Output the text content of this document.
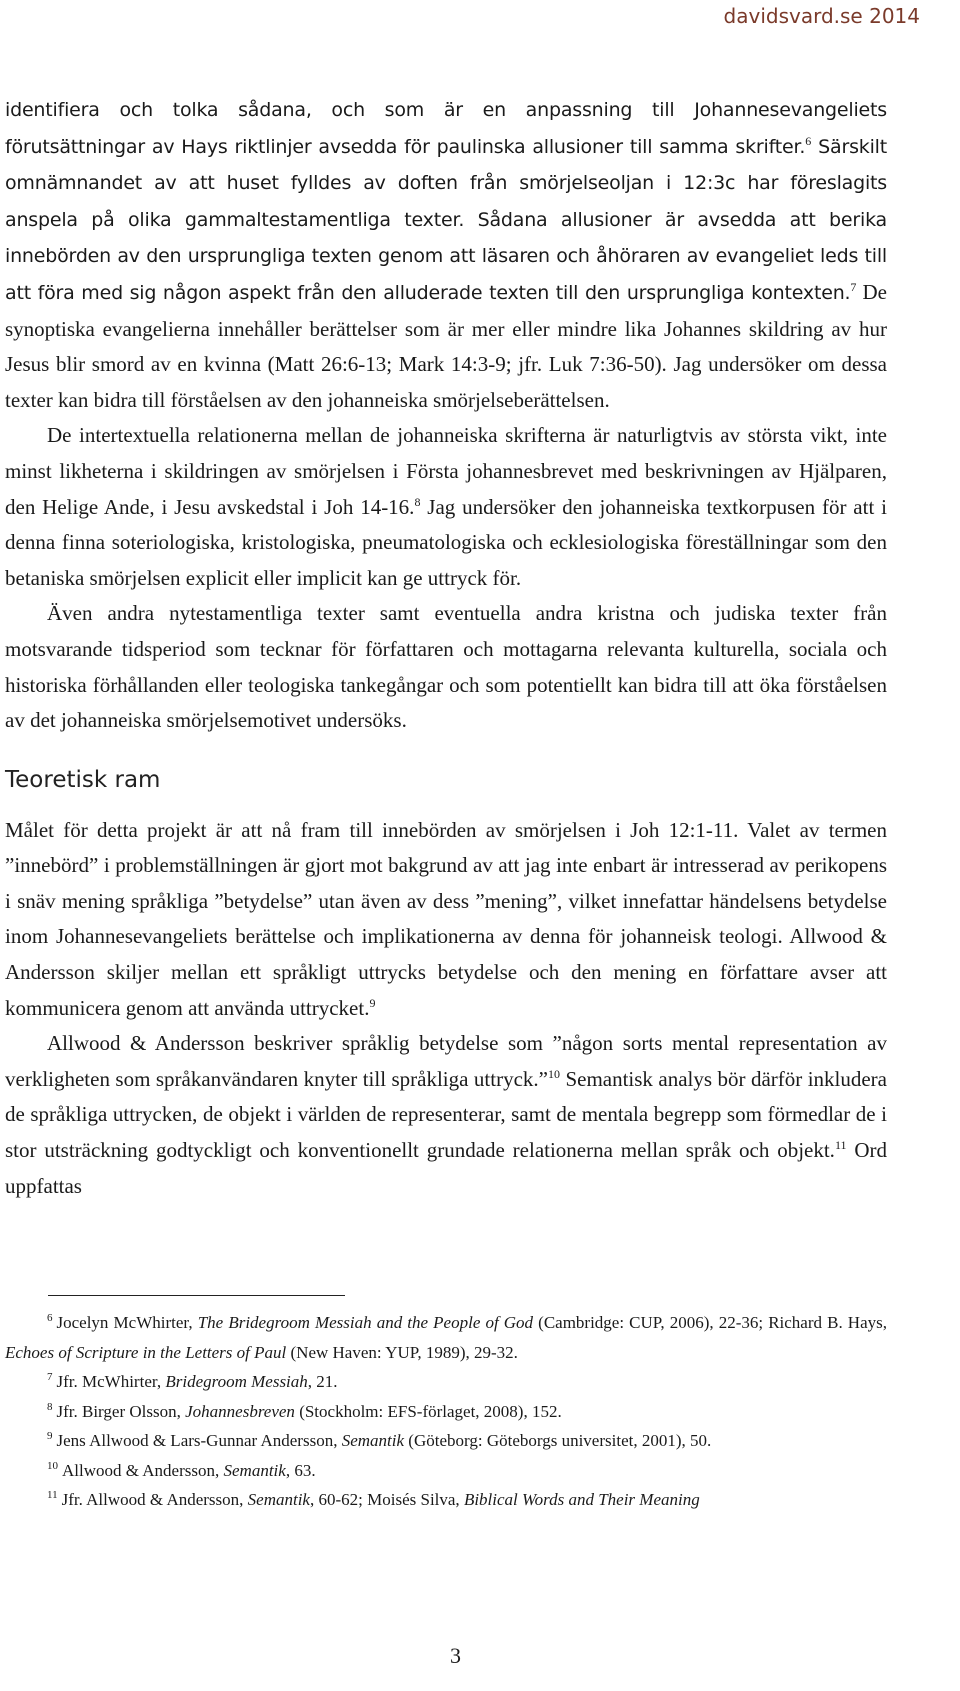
davidsvard.se 2014

identifiera och tolka sådana, och som är en anpassning till Johannesevangeliets förutsättningar av Hays riktlinjer avsedda för paulinska allusioner till samma skrifter.$^6$ Särskilt omnämnandet av att huset fylldes av doften från smörjelseoljan i 12:3c har föreslagits anspela på olika gammaltestamentliga texter. Sådana allusioner är avsedda att berika innebörden av den ursprungliga texten genom att läsaren och åhöraren av evangeliet leds till att föra med sig någon aspekt från den alluderade texten till den ursprungliga kontexten.$^7$ De synoptiska evangelierna innehåller berättelser som är mer eller mindre lika Johannes skildring av hur Jesus blir smord av en kvinna (Matt 26:6-13; Mark 14:3-9; jfr. Luk 7:36-50). Jag undersöker om dessa texter kan bidra till förståelsen av den johanneiska smörjelseberättelsen.

De intertextuella relationerna mellan de johanneiska skrifterna är naturligtvis av största vikt, inte minst likheterna i skildringen av smörjelsen i Första johannesbrevet med beskrivningen av Hjälparen, den Helige Ande, i Jesu avskedstal i Joh 14-16.$^8$ Jag undersöker den johanneiska textkorpusen för att i denna finna soteriologiska, kristologiska, pneumatologiska och ecklesiologiska föreställningar som den betaniska smörjelsen explicit eller implicit kan ge uttryck för.

Även andra nytestamentliga texter samt eventuella andra kristna och judiska texter från motsvarande tidsperiod som tecknar för författaren och mottagarna relevanta kulturella, sociala och historiska förhållanden eller teologiska tankegångar och som potentiellt kan bidra till att öka förståelsen av det johanneiska smörjelsemotivet undersöks.

Teoretisk ram

Målet för detta projekt är att nå fram till innebörden av smörjelsen i Joh 12:1-11. Valet av termen ”innebörd” i problemställningen är gjort mot bakgrund av att jag inte enbart är intresserad av perikopens i snäv mening språkliga ”betydelse” utan även av dess ”mening”, vilket innefattar händelsens betydelse inom Johannesevangeliets berättelse och implikationerna av denna för johanneisk teologi. Allwood & Andersson skiljer mellan ett språkligt uttrycks betydelse och den mening en författare avser att kommunicera genom att använda uttrycket.$^9$

Allwood & Andersson beskriver språklig betydelse som ”någon sorts mental representation av verkligheten som språkanvändaren knyter till språkliga uttryck.”$^{10}$ Semantisk analys bör därför inkludera de språkliga uttrycken, de objekt i världen de representerar, samt de mentala begrepp som förmedlar de i stor utsträckning godtyckligt och konventionellt grundade relationerna mellan språk och objekt.$^{11}$ Ord uppfattas

$^6$ Jocelyn McWhirter, The Bridegroom Messiah and the People of God (Cambridge: CUP, 2006), 22-36; Richard B. Hays, Echoes of Scripture in the Letters of Paul (New Haven: YUP, 1989), 29-32.
$^7$ Jfr. McWhirter, Bridegroom Messiah, 21.
$^8$ Jfr. Birger Olsson, Johannesbreven (Stockholm: EFS-förlaget, 2008), 152.
$^9$ Jens Allwood & Lars-Gunnar Andersson, Semantik (Göteborg: Göteborgs universitet, 2001), 50.
$^{10}$ Allwood & Andersson, Semantik, 63.
$^{11}$ Jfr. Allwood & Andersson, Semantik, 60-62; Moisés Silva, Biblical Words and Their Meaning
3
